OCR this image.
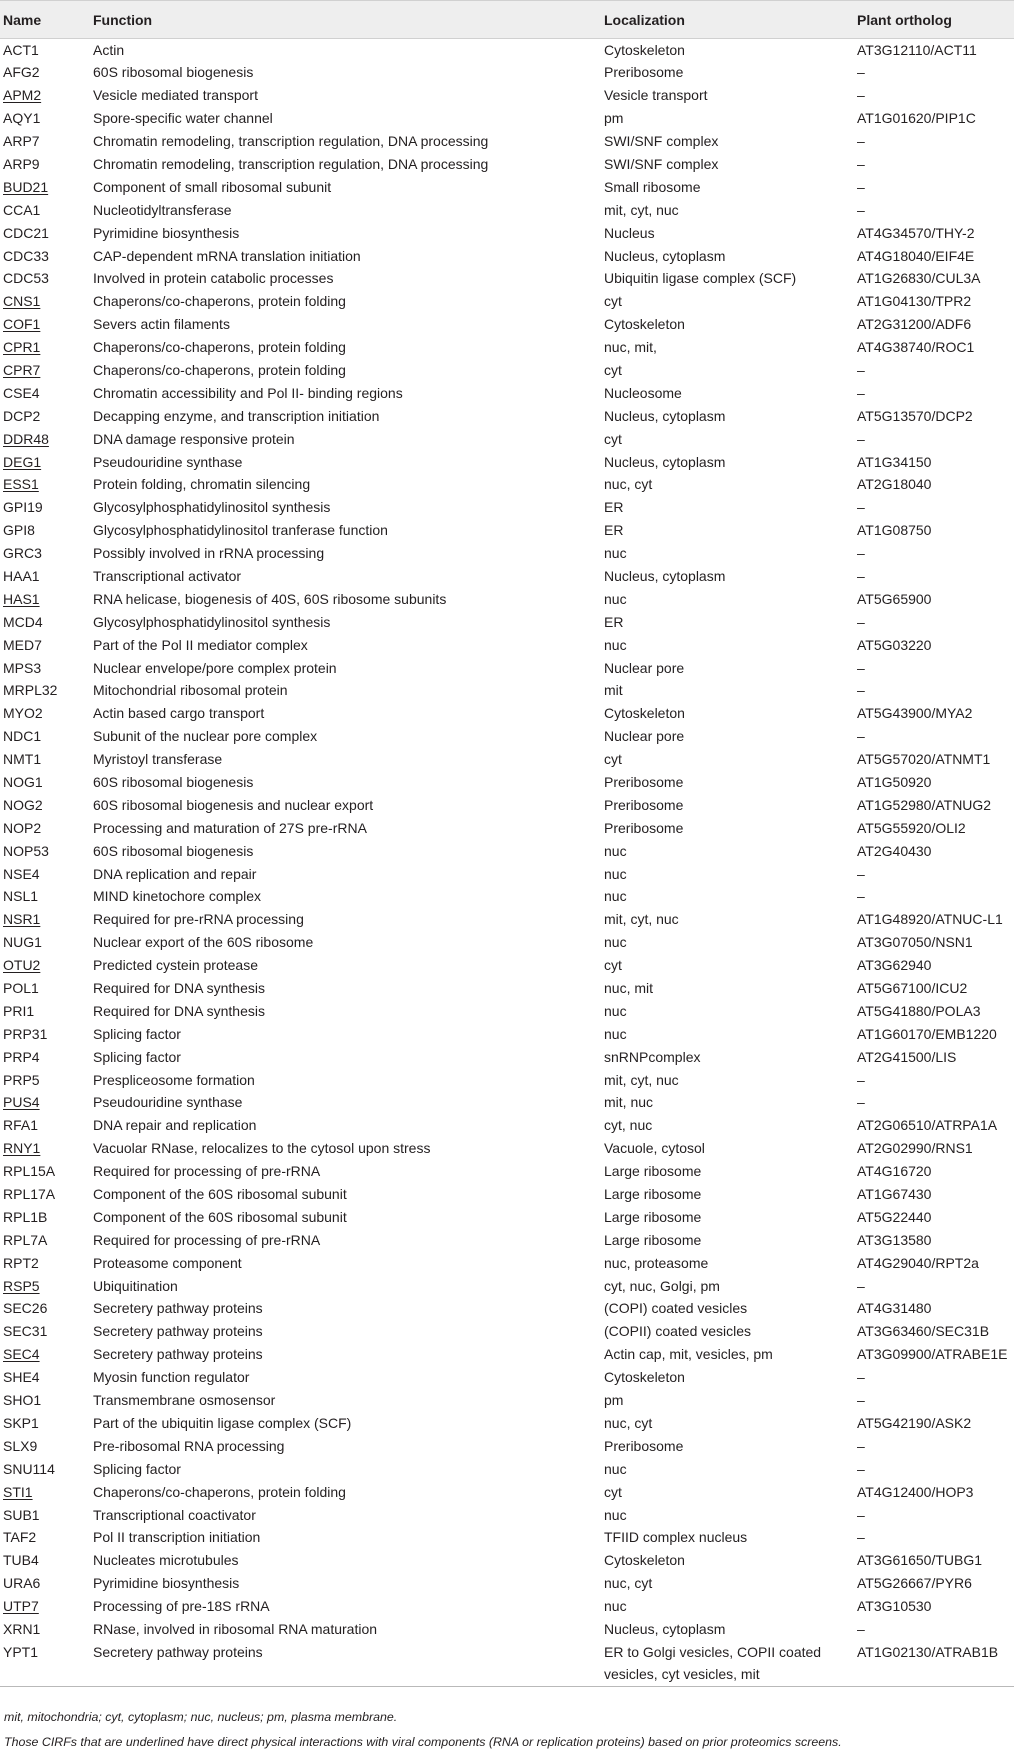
Name	Function	Localization	Plant ortholog
ACT1	Actin	Cytoskeleton	AT3G12110/ACT11
AFG2	60S ribosomal biogenesis	Preribosome	–
APM2	Vesicle mediated transport	Vesicle transport	–
AQY1	Spore-specific water channel	pm	AT1G01620/PIP1C
ARP7	Chromatin remodeling, transcription regulation, DNA processing	SWI/SNF complex	–
ARP9	Chromatin remodeling, transcription regulation, DNA processing	SWI/SNF complex	–
BUD21	Component of small ribosomal subunit	Small ribosome	–
CCA1	Nucleotidyltransferase	mit, cyt, nuc	–
CDC21	Pyrimidine biosynthesis	Nucleus	AT4G34570/THY-2
CDC33	CAP-dependent mRNA translation initiation	Nucleus, cytoplasm	AT4G18040/EIF4E
CDC53	Involved in protein catabolic processes	Ubiquitin ligase complex (SCF)	AT1G26830/CUL3A
CNS1	Chaperons/co-chaperons, protein folding	cyt	AT1G04130/TPR2
COF1	Severs actin filaments	Cytoskeleton	AT2G31200/ADF6
CPR1	Chaperons/co-chaperons, protein folding	nuc, mit,	AT4G38740/ROC1
CPR7	Chaperons/co-chaperons, protein folding	cyt	–
CSE4	Chromatin accessibility and Pol II- binding regions	Nucleosome	–
DCP2	Decapping enzyme, and transcription initiation	Nucleus, cytoplasm	AT5G13570/DCP2
DDR48	DNA damage responsive protein	cyt	–
DEG1	Pseudouridine synthase	Nucleus, cytoplasm	AT1G34150
ESS1	Protein folding, chromatin silencing	nuc, cyt	AT2G18040
GPI19	Glycosylphosphatidylinositol synthesis	ER	–
GPI8	Glycosylphosphatidylinositol tranferase function	ER	AT1G08750
GRC3	Possibly involved in rRNA processing	nuc	–
HAA1	Transcriptional activator	Nucleus, cytoplasm	–
HAS1	RNA helicase, biogenesis of 40S, 60S ribosome subunits	nuc	AT5G65900
MCD4	Glycosylphosphatidylinositol synthesis	ER	–
MED7	Part of the Pol II mediator complex	nuc	AT5G03220
MPS3	Nuclear envelope/pore complex protein	Nuclear pore	–
MRPL32	Mitochondrial ribosomal protein	mit	–
MYO2	Actin based cargo transport	Cytoskeleton	AT5G43900/MYA2
NDC1	Subunit of the nuclear pore complex	Nuclear pore	–
NMT1	Myristoyl transferase	cyt	AT5G57020/ATNMT1
NOG1	60S ribosomal biogenesis	Preribosome	AT1G50920
NOG2	60S ribosomal biogenesis and nuclear export	Preribosome	AT1G52980/ATNUG2
NOP2	Processing and maturation of 27S pre-rRNA	Preribosome	AT5G55920/OLI2
NOP53	60S ribosomal biogenesis	nuc	AT2G40430
NSE4	DNA replication and repair	nuc	–
NSL1	MIND kinetochore complex	nuc	–
NSR1	Required for pre-rRNA processing	mit, cyt, nuc	AT1G48920/ATNUC-L1
NUG1	Nuclear export of the 60S ribosome	nuc	AT3G07050/NSN1
OTU2	Predicted cystein protease	cyt	AT3G62940
POL1	Required for DNA synthesis	nuc, mit	AT5G67100/ICU2
PRI1	Required for DNA synthesis	nuc	AT5G41880/POLA3
PRP31	Splicing factor	nuc	AT1G60170/EMB1220
PRP4	Splicing factor	snRNPcomplex	AT2G41500/LIS
PRP5	Prespliceosome formation	mit, cyt, nuc	–
PUS4	Pseudouridine synthase	mit, nuc	–
RFA1	DNA repair and replication	cyt, nuc	AT2G06510/ATRPA1A
RNY1	Vacuolar RNase, relocalizes to the cytosol upon stress	Vacuole, cytosol	AT2G02990/RNS1
RPL15A	Required for processing of pre-rRNA	Large ribosome	AT4G16720
RPL17A	Component of the 60S ribosomal subunit	Large ribosome	AT1G67430
RPL1B	Component of the 60S ribosomal subunit	Large ribosome	AT5G22440
RPL7A	Required for processing of pre-rRNA	Large ribosome	AT3G13580
RPT2	Proteasome component	nuc, proteasome	AT4G29040/RPT2a
RSP5	Ubiquitination	cyt, nuc, Golgi, pm	–
SEC26	Secretery pathway proteins	(COPI) coated vesicles	AT4G31480
SEC31	Secretery pathway proteins	(COPII) coated vesicles	AT3G63460/SEC31B
SEC4	Secretery pathway proteins	Actin cap, mit, vesicles, pm	AT3G09900/ATRABE1E
SHE4	Myosin function regulator	Cytoskeleton	–
SHO1	Transmembrane osmosensor	pm	–
SKP1	Part of the ubiquitin ligase complex (SCF)	nuc, cyt	AT5G42190/ASK2
SLX9	Pre-ribosomal RNA processing	Preribosome	–
SNU114	Splicing factor	nuc	–
STI1	Chaperons/co-chaperons, protein folding	cyt	AT4G12400/HOP3
SUB1	Transcriptional coactivator	nuc	–
TAF2	Pol II transcription initiation	TFIID complex nucleus	–
TUB4	Nucleates microtubules	Cytoskeleton	AT3G61650/TUBG1
URA6	Pyrimidine biosynthesis	nuc, cyt	AT5G26667/PYR6
UTP7	Processing of pre-18S rRNA	nuc	AT3G10530
XRN1	RNase, involved in ribosomal RNA maturation	Nucleus, cytoplasm	–
YPT1	Secretery pathway proteins	ER to Golgi vesicles, COPII coated vesicles, cyt vesicles, mit	AT1G02130/ATRAB1B

mit, mitochondria; cyt, cytoplasm; nuc, nucleus; pm, plasma membrane.

Those CIRFs that are underlined have direct physical interactions with viral components (RNA or replication proteins) based on prior proteomics screens.
